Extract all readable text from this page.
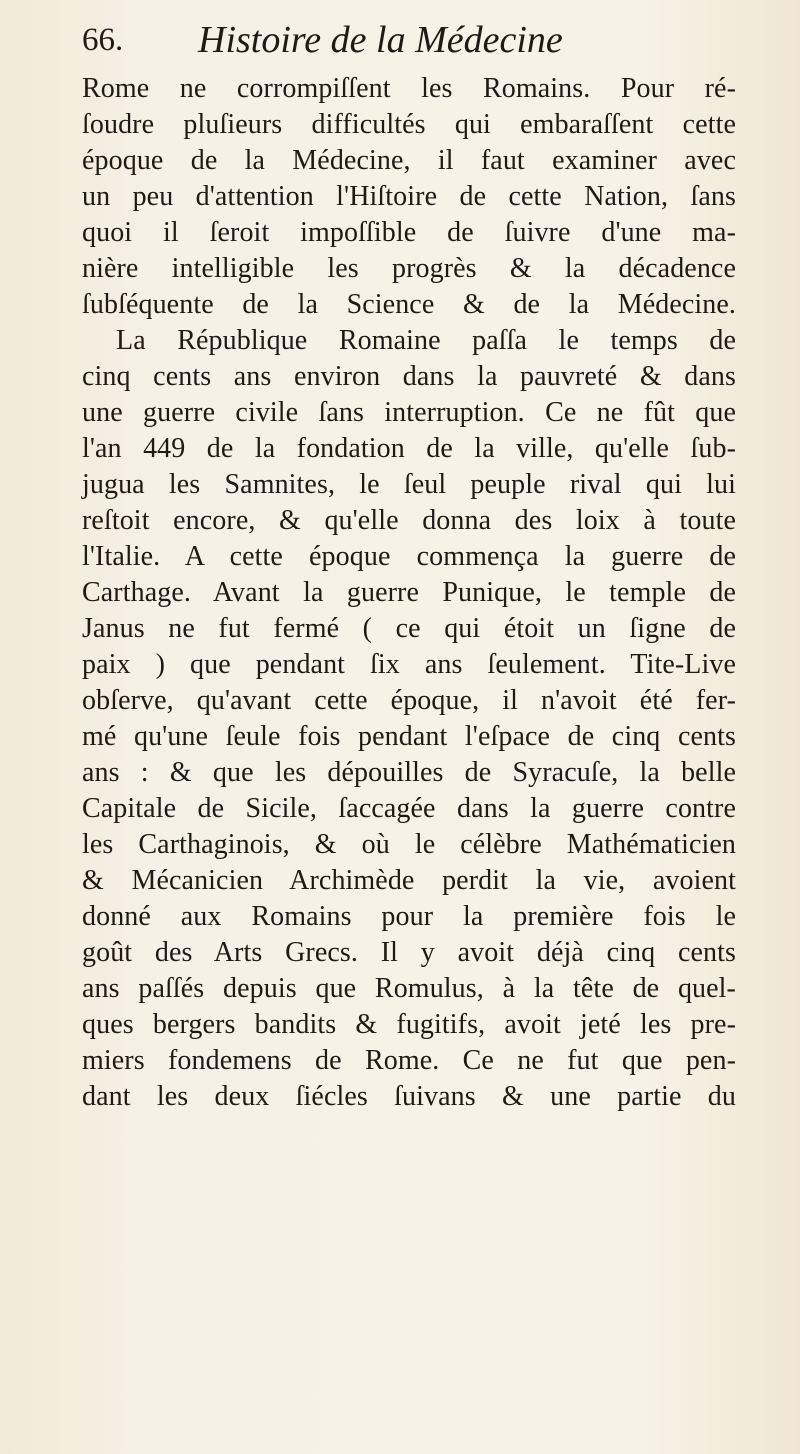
66. Histoire de la Médecine
Rome ne corrompiſſent les Romains. Pour ré-
ſoudre pluſieurs difficultés qui embaraſſent cette
époque de la Médecine, il faut examiner avec
un peu d'attention l'Hiſtoire de cette Nation, ſans
quoi il ſeroit impoſſible de ſuivre d'une ma-
nière intelligible les progrès & la décadence
ſubſéquente de la Science & de la Médecine.
La République Romaine paſſa le temps de
cinq cents ans environ dans la pauvreté & dans
une guerre civile ſans interruption. Ce ne fût que
l'an 449 de la fondation de la ville, qu'elle ſub-
jugua les Samnites, le ſeul peuple rival qui lui
reſtoit encore, & qu'elle donna des loix à toute
l'Italie. A cette époque commença la guerre de
Carthage. Avant la guerre Punique, le temple de
Janus ne fut fermé ( ce qui étoit un ſigne de
paix ) que pendant ſix ans ſeulement. Tite-Live
obſerve, qu'avant cette époque, il n'avoit été fer-
mé qu'une ſeule fois pendant l'eſpace de cinq cents
ans : & que les dépouilles de Syracuſe, la belle
Capitale de Sicile, ſaccagée dans la guerre contre
les Carthaginois, & où le célèbre Mathématicien
& Mécanicien Archimède perdit la vie, avoient
donné aux Romains pour la première fois le
goût des Arts Grecs. Il y avoit déjà cinq cents
ans paſſés depuis que Romulus, à la tête de quel-
ques bergers bandits & fugitifs, avoit jeté les pre-
miers fondemens de Rome. Ce ne fut que pen-
dant les deux ſiécles ſuivans & une partie du
